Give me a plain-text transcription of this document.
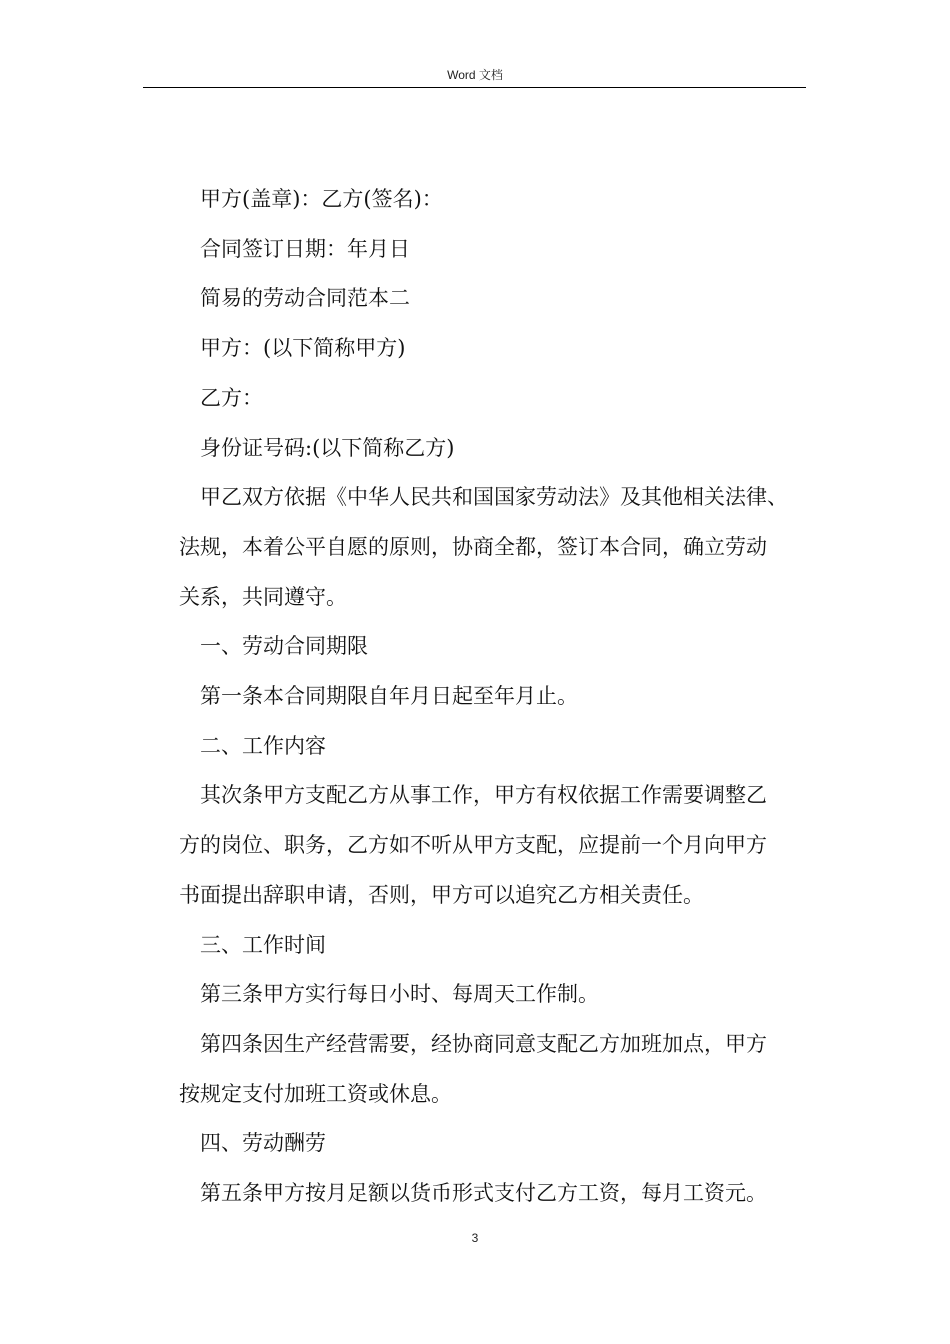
Word 文档
甲方(盖章)：乙方(签名)：
合同签订日期：年月日
简易的劳动合同范本二
甲方：(以下简称甲方)
乙方：
身份证号码:(以下简称乙方)
甲乙双方依据《中华人民共和国国家劳动法》及其他相关法律、
法规，本着公平自愿的原则，协商全都，签订本合同，确立劳动
关系，共同遵守。
一、劳动合同期限
第一条本合同期限自年月日起至年月止。
二、工作内容
其次条甲方支配乙方从事工作，甲方有权依据工作需要调整乙
方的岗位、职务，乙方如不听从甲方支配，应提前一个月向甲方
书面提出辞职申请，否则，甲方可以追究乙方相关责任。
三、工作时间
第三条甲方实行每日小时、每周天工作制。
第四条因生产经营需要，经协商同意支配乙方加班加点，甲方
按规定支付加班工资或休息。
四、劳动酬劳
第五条甲方按月足额以货币形式支付乙方工资，每月工资元。
3
